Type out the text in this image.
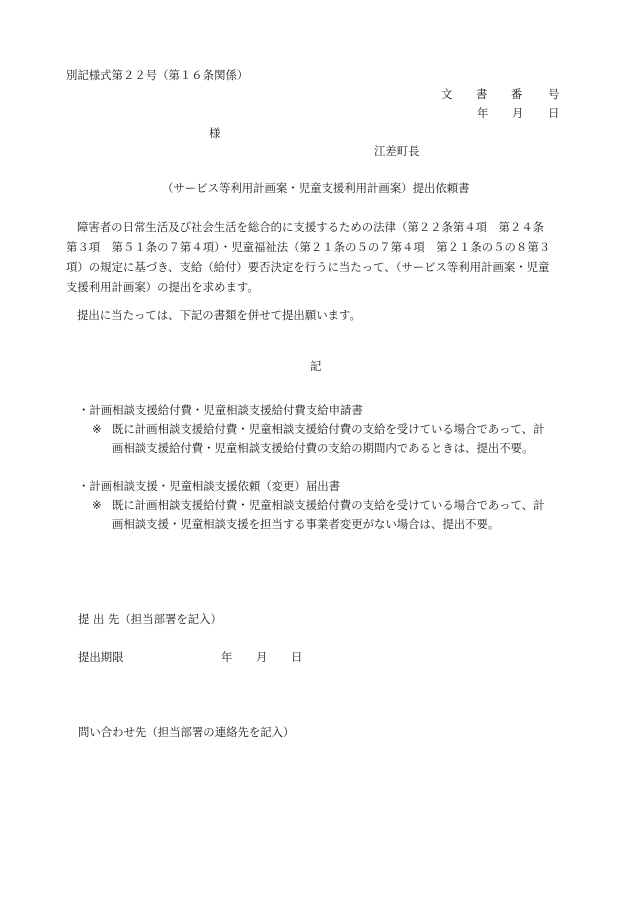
別記様式第２２号（第１６条関係）
文 書 番 号
年 月 日
様
江差町長
（サービス等利用計画案・児童支援利用計画案）提出依頼書
障害者の日常生活及び社会生活を総合的に支援するための法律（第２２条第４項　第２４条
第３項　第５１条の７第４項）・児童福祉法（第２１条の５の７第４項　第２１条の５の８第３
項）の規定に基づき、支給（給付）要否決定を行うに当たって、（サービス等利用計画案・児童
支援利用計画案）の提出を求めます。
提出に当たっては、下記の書類を併せて提出願います。
記
・計画相談支援給付費・児童相談支援給付費支給申請書
※ 既に計画相談支援給付費・児童相談支援給付費の支給を受けている場合であって、計
画相談支援給付費・児童相談支援給付費の支給の期間内であるときは、提出不要。
・計画相談支援・児童相談支援依頼（変更）届出書
※ 既に計画相談支援給付費・児童相談支援給付費の支給を受けている場合であって、計
画相談支援・児童相談支援を担当する事業者変更がない場合は、提出不要。
提 出 先（担当部署を記入）
提出期限	年 月 日
問い合わせ先（担当部署の連絡先を記入）
